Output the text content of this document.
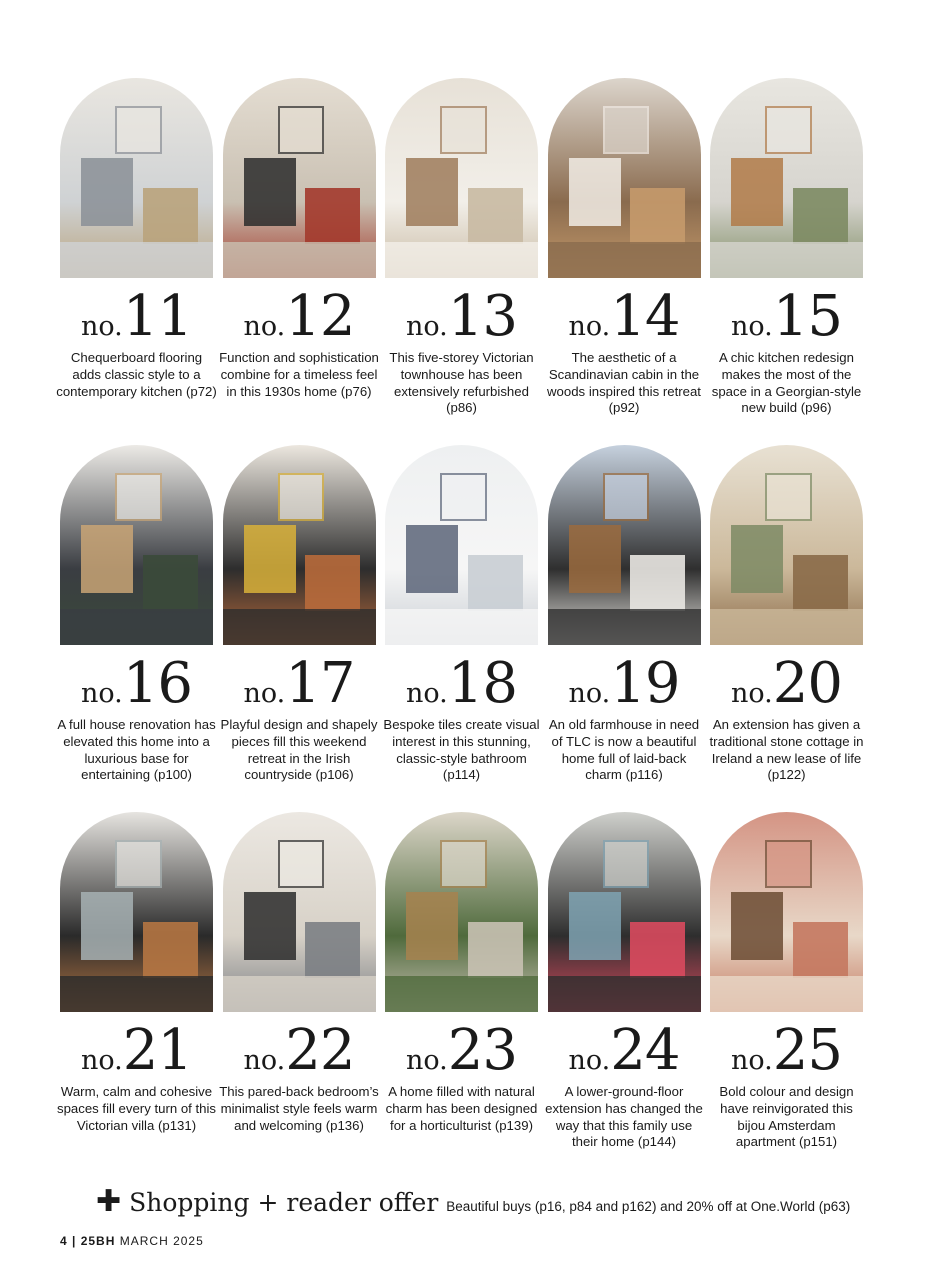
no.11
Chequerboard flooring adds classic style to a contemporary kitchen (p72)
no.12
Function and sophistication combine for a timeless feel in this 1930s home (p76)
no.13
This five-storey Victorian townhouse has been extensively refurbished (p86)
no.14
The aesthetic of a Scandinavian cabin in the woods inspired this retreat (p92)
no.15
A chic kitchen redesign makes the most of the space in a Georgian-style new build (p96)
no.16
A full house renovation has elevated this home into a luxurious base for entertaining (p100)
no.17
Playful design and shapely pieces fill this weekend retreat in the Irish countryside (p106)
no.18
Bespoke tiles create visual interest in this stunning, classic-style bathroom (p114)
no.19
An old farmhouse in need of TLC is now a beautiful home full of laid-back charm (p116)
no.20
An extension has given a traditional stone cottage in Ireland a new lease of life (p122)
no.21
Warm, calm and cohesive spaces fill every turn of this Victorian villa (p131)
no.22
This pared-back bedroom’s minimalist style feels warm and welcoming (p136)
no.23
A home filled with natural charm has been designed for a horticulturist (p139)
no.24
A lower-ground-floor extension has changed the way that this family use their home (p144)
no.25
Bold colour and design have reinvigorated this bijou Amsterdam apartment (p151)
✚ Shopping + reader offer Beautiful buys (p16, p84 and p162) and 20% off at One.World (p63)
4 | 25BH MARCH 2025
